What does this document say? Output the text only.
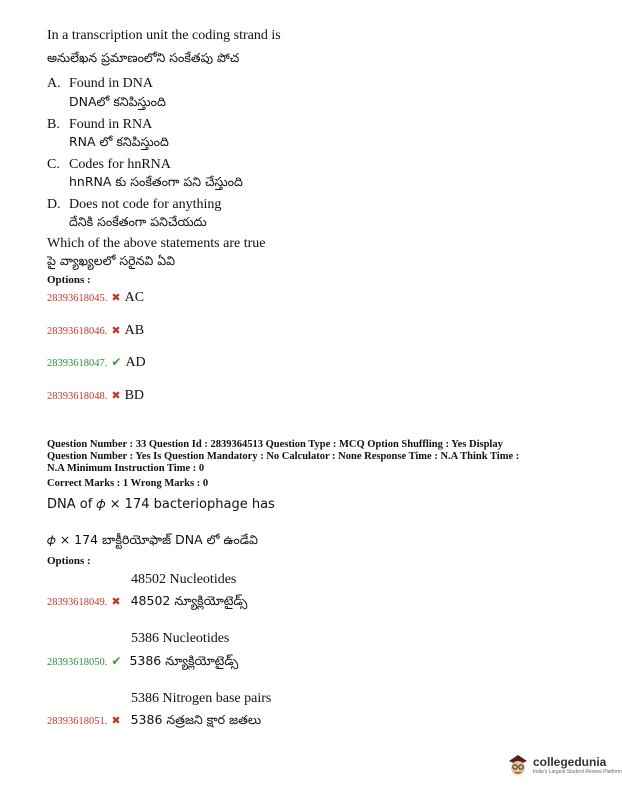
In a transcription unit the coding strand is
అనులేఖన ప్రమాణంలోని సంకేతపు పోచ
A. Found in DNA
DNAలో కనిపిస్తుంది
B. Found in RNA
RNA లో కనిపిస్తుంది
C. Codes for hnRNA
hnRNA కు సంకేతంగా పని చేస్తుంది
D. Does not code for anything
దేనికి సంకేతంగా పనిచేయదు
Which of the above statements are true
పై వ్యాఖ్యలలో సరైనవి ఏవి
Options :
28393618045. ✖ AC
28393618046. ✖ AB
28393618047. ✔ AD
28393618048. ✖ BD
Question Number : 33 Question Id : 2839364513 Question Type : MCQ Option Shuffling : Yes Display
Question Number : Yes Is Question Mandatory : No Calculator : None Response Time : N.A Think Time :
N.A Minimum Instruction Time : 0
Correct Marks : 1 Wrong Marks : 0
DNA of 𝜙 × 174 bacteriophage has
𝜙 × 174 బాక్టీరియోఫాజ్ DNA లో ఉండేవి
Options :
48502 Nucleotides
28393618049. ✖ 48502 న్యూక్లియోటైడ్స్
5386 Nucleotides
28393618050. ✔ 5386 న్యూక్లియోటైడ్స్
5386 Nitrogen base pairs
28393618051. ✖ 5386 నత్రజని క్షార జతలు
collegedunia
India's Largest Student Review Platform
